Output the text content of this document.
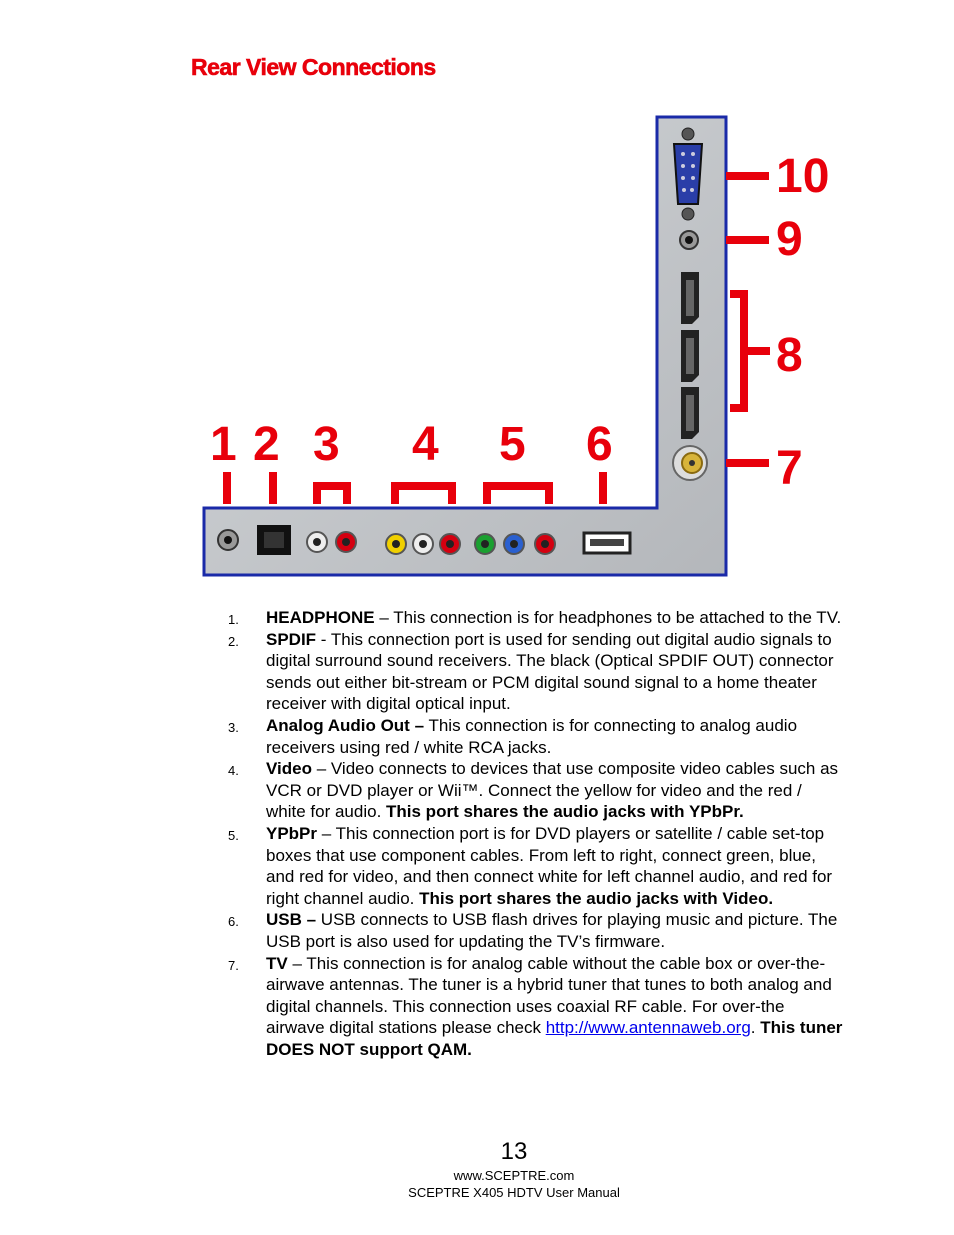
Rear View Connections
1 2 3 4 5 6	7
8
9
10
1. HEADPHONE – This connection is for headphones to be attached to the TV.
2. SPDIF - This connection port is used for sending out digital audio signals to digital surround sound receivers. The black (Optical SPDIF OUT) connector sends out either bit-stream or PCM digital sound signal to a home theater receiver with digital optical input.
3. Analog Audio Out – This connection is for connecting to analog audio receivers using red / white RCA jacks.
4. Video – Video connects to devices that use composite video cables such as VCR or DVD player or Wii™. Connect the yellow for video and the red / white for audio. This port shares the audio jacks with YPbPr.
5. YPbPr – This connection port is for DVD players or satellite / cable set-top boxes that use component cables. From left to right, connect green, blue, and red for video, and then connect white for left channel audio, and red for right channel audio. This port shares the audio jacks with Video.
6. USB – USB connects to USB flash drives for playing music and picture. The USB port is also used for updating the TV’s firmware.
7. TV – This connection is for analog cable without the cable box or over-the-airwave antennas. The tuner is a hybrid tuner that tunes to both analog and digital channels. This connection uses coaxial RF cable. For over-the airwave digital stations please check http://www.antennaweb.org. This tuner DOES NOT support QAM.
13
www.SCEPTRE.com
SCEPTRE X405 HDTV User Manual
